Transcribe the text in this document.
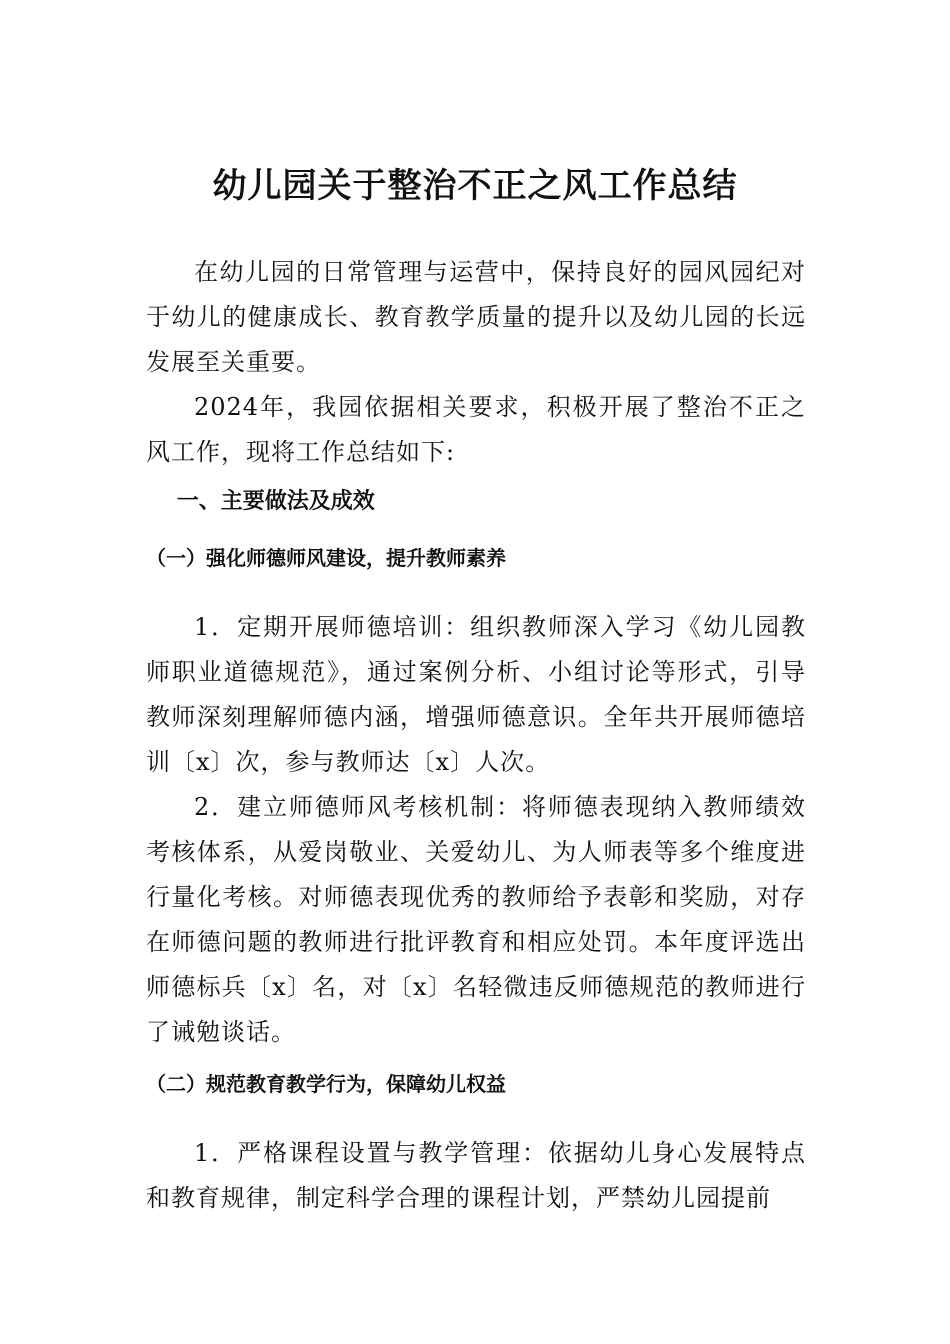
幼儿园关于整治不正之风工作总结

在幼儿园的日常管理与运营中，保持良好的园风园纪对于幼儿的健康成长、教育教学质量的提升以及幼儿园的长远发展至关重要。

2024年，我园依据相关要求，积极开展了整治不正之风工作，现将工作总结如下:

一、主要做法及成效

（一）强化师德师风建设，提升教师素养

1．定期开展师德培训：组织教师深入学习《幼儿园教师职业道德规范》，通过案例分析、小组讨论等形式，引导教师深刻理解师德内涵，增强师德意识。全年共开展师德培训〔x〕次，参与教师达〔x〕人次。

2．建立师德师风考核机制：将师德表现纳入教师绩效考核体系，从爱岗敬业、关爱幼儿、为人师表等多个维度进行量化考核。对师德表现优秀的教师给予表彰和奖励，对存在师德问题的教师进行批评教育和相应处罚。本年度评选出师德标兵〔x〕名，对〔x〕名轻微违反师德规范的教师进行了诫勉谈话。

（二）规范教育教学行为，保障幼儿权益

1．严格课程设置与教学管理：依据幼儿身心发展特点和教育规律，制定科学合理的课程计划，严禁幼儿园提前
